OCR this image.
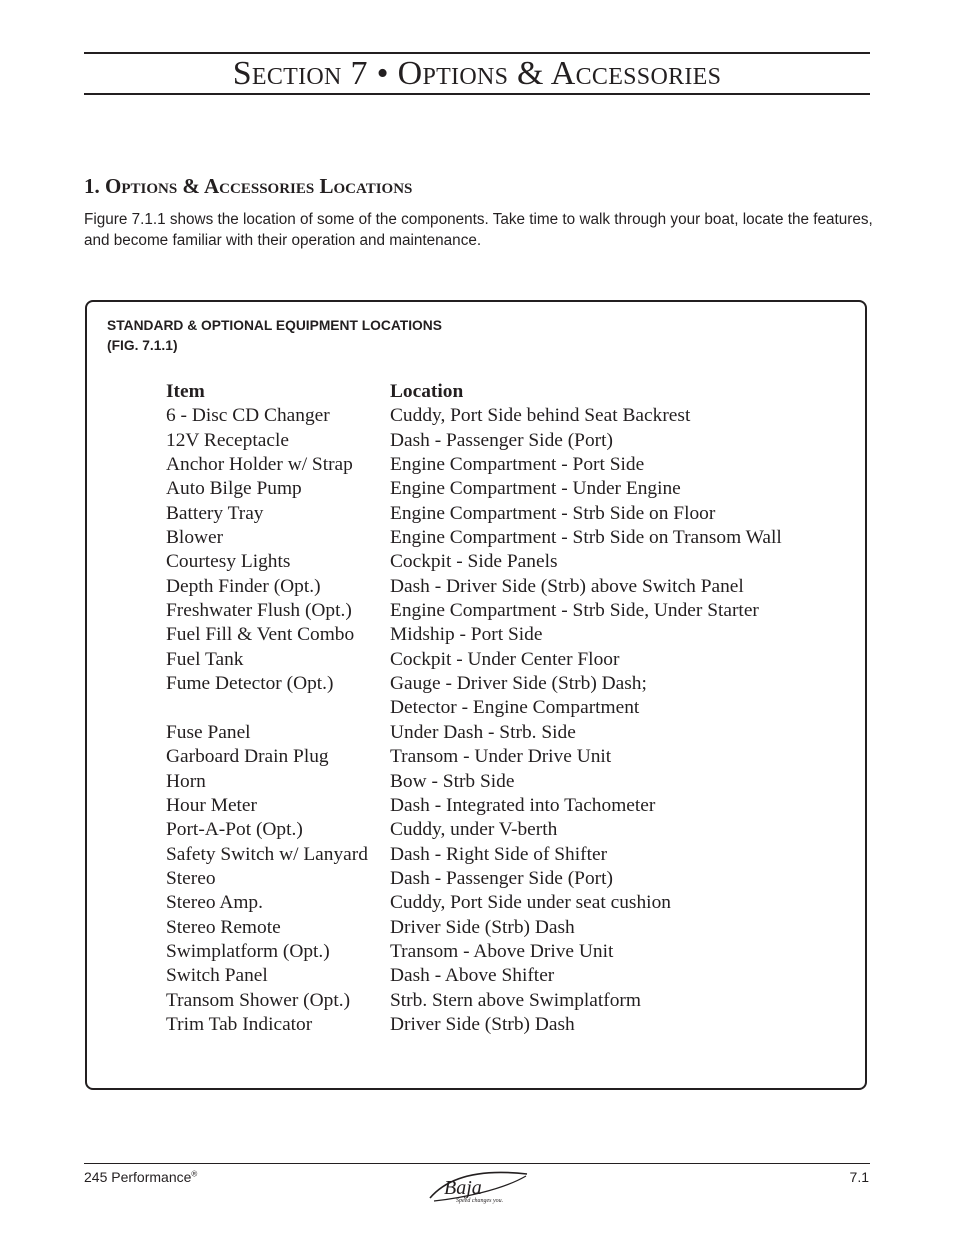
Section 7 • Options & Accessories
1. Options & Accessories Locations
Figure 7.1.1 shows the location of some of the components. Take time to walk through your boat, locate the features, and become familiar with their operation and maintenance.
STANDARD & OPTIONAL EQUIPMENT LOCATIONS
(FIG. 7.1.1)
Item	Location
6 - Disc CD Changer	Cuddy, Port Side behind Seat Backrest
12V Receptacle	Dash - Passenger Side (Port)
Anchor Holder w/ Strap	Engine Compartment - Port Side
Auto Bilge Pump	Engine Compartment - Under Engine
Battery Tray	Engine Compartment - Strb Side on Floor
Blower	Engine Compartment - Strb Side on Transom Wall
Courtesy Lights	Cockpit - Side Panels
Depth Finder (Opt.)	Dash - Driver Side (Strb) above Switch Panel
Freshwater Flush (Opt.)	Engine Compartment - Strb Side, Under Starter
Fuel Fill & Vent Combo	Midship - Port Side
Fuel Tank	Cockpit - Under Center Floor
Fume Detector (Opt.)	Gauge - Driver Side (Strb) Dash;
Detector - Engine Compartment
Fuse Panel	Under Dash - Strb. Side
Garboard Drain Plug	Transom - Under Drive Unit
Horn	Bow - Strb Side
Hour Meter	Dash - Integrated into Tachometer
Port-A-Pot (Opt.)	Cuddy, under V-berth
Safety Switch w/ Lanyard	Dash - Right Side of Shifter
Stereo	Dash - Passenger Side (Port)
Stereo Amp.	Cuddy, Port Side under seat cushion
Stereo Remote	Driver Side (Strb) Dash
Swimplatform (Opt.)	Transom - Above Drive Unit
Switch Panel	Dash - Above Shifter
Transom Shower (Opt.)	Strb. Stern above Swimplatform
Trim Tab Indicator	Driver Side (Strb) Dash
245 Performance®
Baja
Speed changes you.
7.1
